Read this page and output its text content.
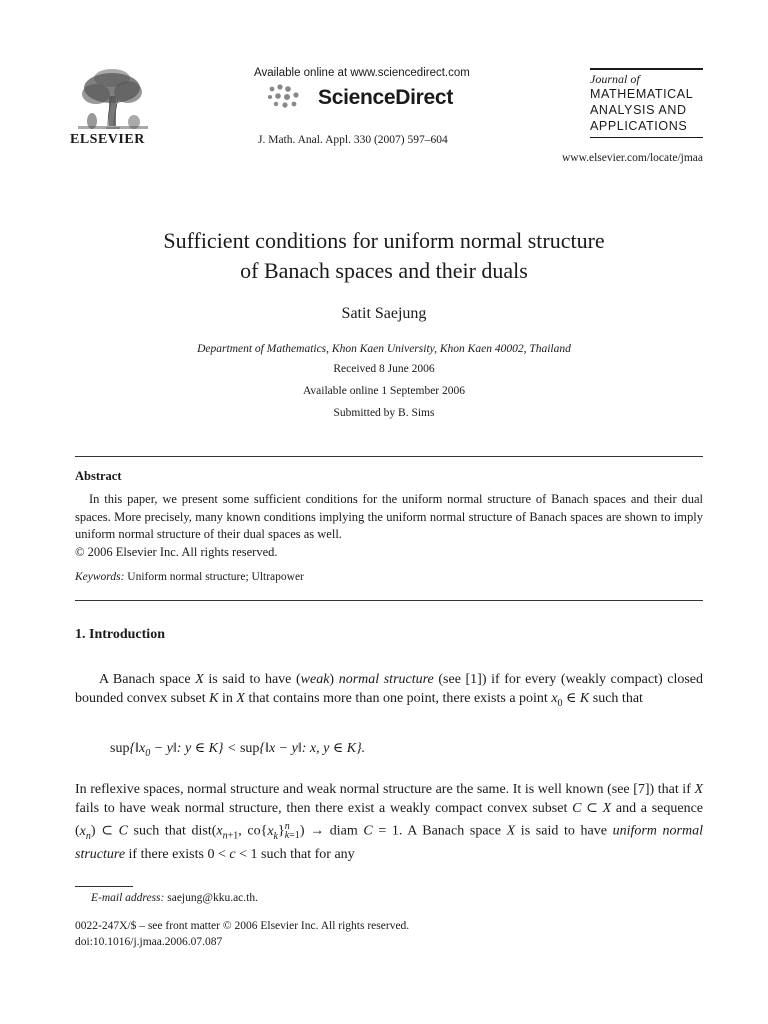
ELSEVIER
Available online at www.sciencedirect.com
ScienceDirect
J. Math. Anal. Appl. 330 (2007) 597–604
Journal of
MATHEMATICAL
ANALYSIS AND
APPLICATIONS
www.elsevier.com/locate/jmaa
Sufficient conditions for uniform normal structure
of Banach spaces and their duals
Satit Saejung
Department of Mathematics, Khon Kaen University, Khon Kaen 40002, Thailand
Received 8 June 2006
Available online 1 September 2006
Submitted by B. Sims
Abstract

In this paper, we present some sufficient conditions for the uniform normal structure of Banach spaces and their dual spaces. More precisely, many known conditions implying the uniform normal structure of Banach spaces are shown to imply uniform normal structure of their dual spaces as well.

© 2006 Elsevier Inc. All rights reserved.

Keywords: Uniform normal structure; Ultrapower
1. Introduction

A Banach space X is said to have (weak) normal structure (see [1]) if for every (weakly compact) closed bounded convex subset K in X that contains more than one point, there exists a point $x_0$ ∈ K such that

$sup\{‖x_0$ − y‖: y ∈ K} < sup{‖x − y‖: x, y ∈ K}.

In reflexive spaces, normal structure and weak normal structure are the same. It is well known (see [7]) that if X fails to have weak normal structure, then there exist a weakly compact convex subset C ⊂ X and a sequence $(x_n)$ ⊂ C such that $dist(x_{n+1}$, $co\{x_k\}^n_{k=1}$) → diam C = 1. A Banach space X is said to have uniform normal structure if there exists 0 < c < 1 such that for any

E-mail address: saejung@kku.ac.th.
0022-247X/$ – see front matter © 2006 Elsevier Inc. All rights reserved.
doi:10.1016/j.jmaa.2006.07.087
